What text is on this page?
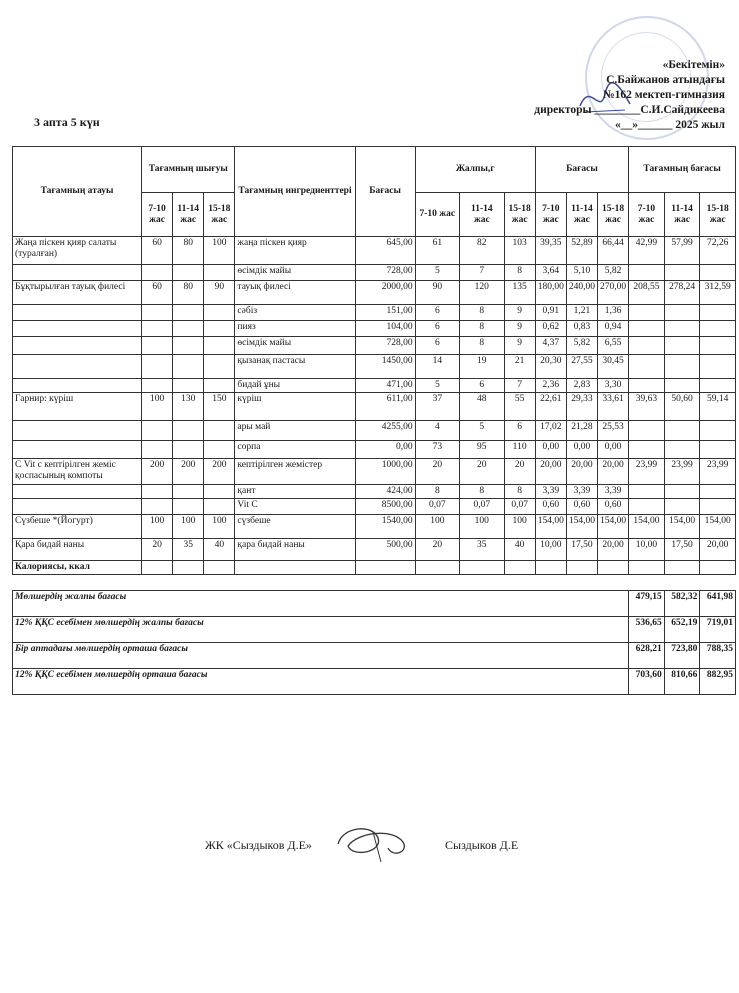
«Бекітемін»
С.Байжанов атындағы
№162 мектеп-гимназия
директоры ________С.И.Сайдикеева
«__»______ 2025 жыл
3 апта 5 күн
Тағамның атауы	Тағамның шығуы			Тағамның ингредиенттері	Бағасы	Жалпы,г			Бағасы			Тағамның бағасы		
	7-10 жас	11-14 жас	15-18 жас			7-10 жас	11-14 жас	15-18 жас	7-10 жас	11-14 жас	15-18 жас	7-10 жас	11-14 жас	15-18 жас
Жаңа піскен қияр салаты (туралған)	60	80	100	жаңа піскен қияр	645,00	61	82	103	39,35	52,89	66,44	42,99	57,99	72,26
				өсімдік майы	728,00	5	7	8	3,64	5,10	5,82			
Бұқтырылған тауық филесі	60	80	90	тауық филесі	2000,00	90	120	135	180,00	240,00	270,00	208,55	278,24	312,59
				сәбіз	151,00	6	8	9	0,91	1,21	1,36			
				пияз	104,00	6	8	9	0,62	0,83	0,94			
				өсімдік майы	728,00	6	8	9	4,37	5,82	6,55			
				қызанақ пастасы	1450,00	14	19	21	20,30	27,55	30,45			
				бидай ұны	471,00	5	6	7	2,36	2,83	3,30			
Гарнир: күріш	100	130	150	күріш	611,00	37	48	55	22,61	29,33	33,61	39,63	50,60	59,14
				ары май	4255,00	4	5	6	17,02	21,28	25,53			
				сорпа	0,00	73	95	110	0,00	0,00	0,00			
С Vit с кептірілген жеміс қоспасының компоты	200	200	200	кептірілген жемістер	1000,00	20	20	20	20,00	20,00	20,00	23,99	23,99	23,99
				қант	424,00	8	8	8	3,39	3,39	3,39			
				Vit C	8500,00	0,07	0,07	0,07	0,60	0,60	0,60			
Сүзбеше *(Йогурт)	100	100	100	сүзбеше	1540,00	100	100	100	154,00	154,00	154,00	154,00	154,00	154,00
Қара бидай наны	20	35	40	қара бидай наны	500,00	20	35	40	10,00	17,50	20,00	10,00	17,50	20,00
Калориясы, ккал														

Мөлшердің жалпы бағасы												479,15	582,32	641,98
12% ҚҚС есебімен мөлшердің жалпы бағасы												536,65	652,19	719,01
Бір аптадағы мөлшердің орташа бағасы												628,21	723,80	788,35
12% ҚҚС есебімен мөлшердің орташа бағасы												703,60	810,66	882,95
ЖК «Сыздыков Д.Е»	Сыздыков Д.Е
